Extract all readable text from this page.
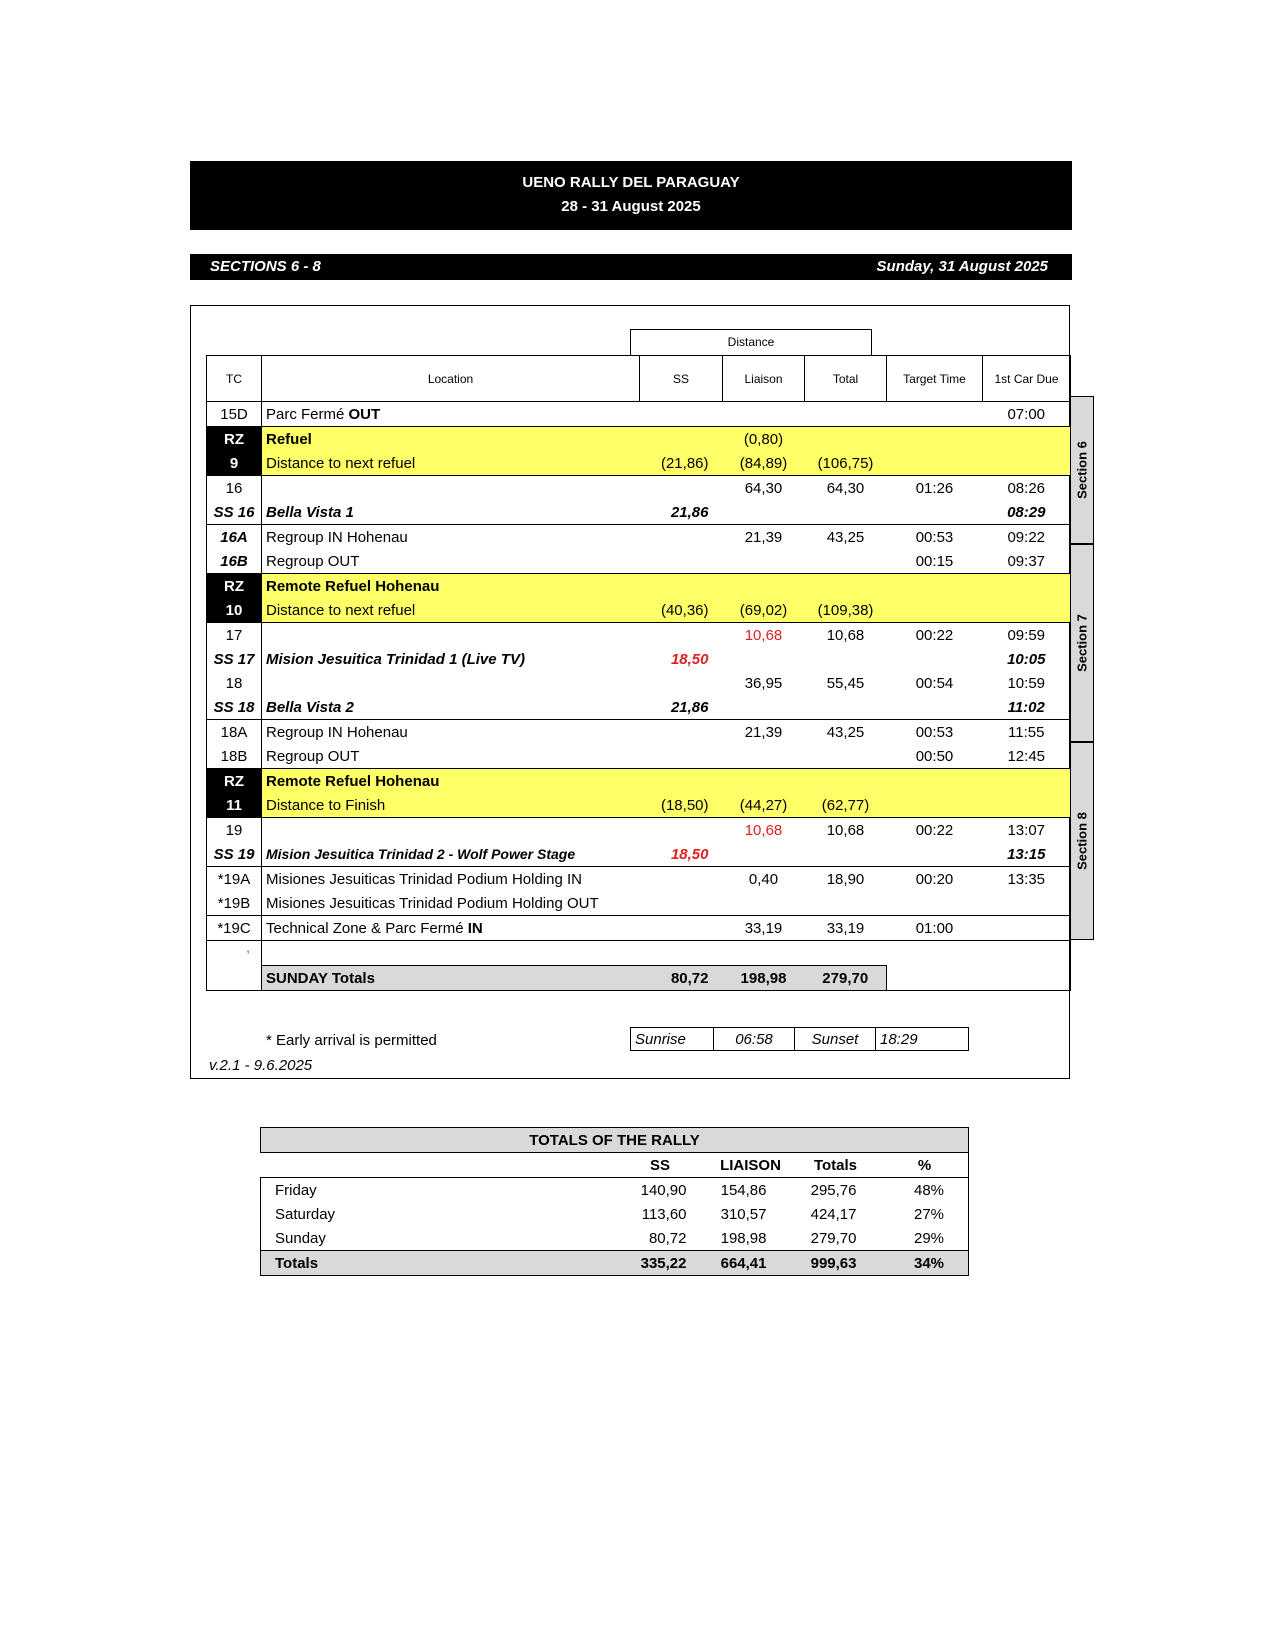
UENO RALLY DEL PARAGUAY
28 - 31 August 2025
SECTIONS 6 - 8	Sunday, 31 August 2025
Distance
TC	Location	SS	Liaison	Total	Target Time	1st Car Due
15D	Parc Fermé OUT					07:00
RZ	Refuel		(0,80)			
9	Distance to next refuel	(21,86)	(84,89)	(106,75)		
16			64,30	64,30	01:26	08:26
SS 16	Bella Vista 1	21,86				08:29
16A	Regroup IN Hohenau		21,39	43,25	00:53	09:22
16B	Regroup OUT				00:15	09:37
RZ	Remote Refuel Hohenau					
10	Distance to next refuel	(40,36)	(69,02)	(109,38)		
17			10,68	10,68	00:22	09:59
SS 17	Mision Jesuitica Trinidad 1 (Live TV)	18,50				10:05
18			36,95	55,45	00:54	10:59
SS 18	Bella Vista 2	21,86				11:02
18A	Regroup IN Hohenau		21,39	43,25	00:53	11:55
18B	Regroup OUT				00:50	12:45
RZ	Remote Refuel Hohenau					
11	Distance to Finish	(18,50)	(44,27)	(62,77)		
19			10,68	10,68	00:22	13:07
SS 19	Mision Jesuitica Trinidad 2 - Wolf Power Stage	18,50				13:15
*19A	Misiones Jesuiticas Trinidad Podium Holding IN		0,40	18,90	00:20	13:35
*19B	Misiones Jesuiticas Trinidad Podium Holding OUT					
*19C	Technical Zone & Parc Fermé IN		33,19	33,19	01:00	
,						
	SUNDAY Totals	80,72	198,98	279,70		
Section 6
Section 7
Section 8
* Early arrival is permitted
v.2.1 - 9.6.2025
Sunrise	06:58	Sunset	18:29
TOTALS OF THE RALLY				
	SS	LIAISON	Totals	%
Friday	140,90	154,86	295,76	48%
Saturday	113,60	310,57	424,17	27%
Sunday	80,72	198,98	279,70	29%
Totals	335,22	664,41	999,63	34%
